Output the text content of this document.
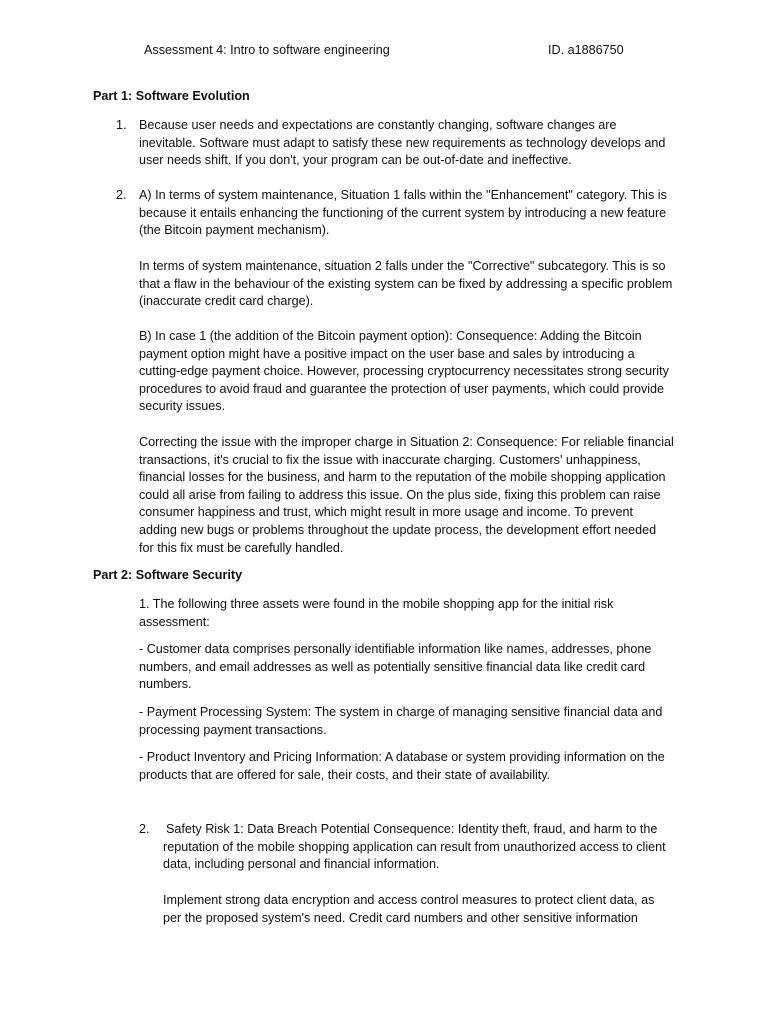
Assessment 4: Intro to software engineering	ID. a1886750
Part 1: Software Evolution
1. Because user needs and expectations are constantly changing, software changes are inevitable. Software must adapt to satisfy these new requirements as technology develops and user needs shift. If you don't, your program can be out-of-date and ineffective.
2. A) In terms of system maintenance, Situation 1 falls within the "Enhancement" category. This is because it entails enhancing the functioning of the current system by introducing a new feature (the Bitcoin payment mechanism).
In terms of system maintenance, situation 2 falls under the "Corrective" subcategory. This is so that a flaw in the behaviour of the existing system can be fixed by addressing a specific problem (inaccurate credit card charge).
B) In case 1 (the addition of the Bitcoin payment option): Consequence: Adding the Bitcoin payment option might have a positive impact on the user base and sales by introducing a cutting-edge payment choice. However, processing cryptocurrency necessitates strong security procedures to avoid fraud and guarantee the protection of user payments, which could provide security issues.
Correcting the issue with the improper charge in Situation 2: Consequence: For reliable financial transactions, it's crucial to fix the issue with inaccurate charging. Customers' unhappiness, financial losses for the business, and harm to the reputation of the mobile shopping application could all arise from failing to address this issue. On the plus side, fixing this problem can raise consumer happiness and trust, which might result in more usage and income. To prevent adding new bugs or problems throughout the update process, the development effort needed for this fix must be carefully handled.
Part 2: Software Security
1. The following three assets were found in the mobile shopping app for the initial risk assessment:
- Customer data comprises personally identifiable information like names, addresses, phone numbers, and email addresses as well as potentially sensitive financial data like credit card numbers.
- Payment Processing System: The system in charge of managing sensitive financial data and processing payment transactions.
- Product Inventory and Pricing Information: A database or system providing information on the products that are offered for sale, their costs, and their state of availability.
2. Safety Risk 1: Data Breach Potential Consequence: Identity theft, fraud, and harm to the reputation of the mobile shopping application can result from unauthorized access to client data, including personal and financial information.
Implement strong data encryption and access control measures to protect client data, as per the proposed system's need. Credit card numbers and other sensitive information
